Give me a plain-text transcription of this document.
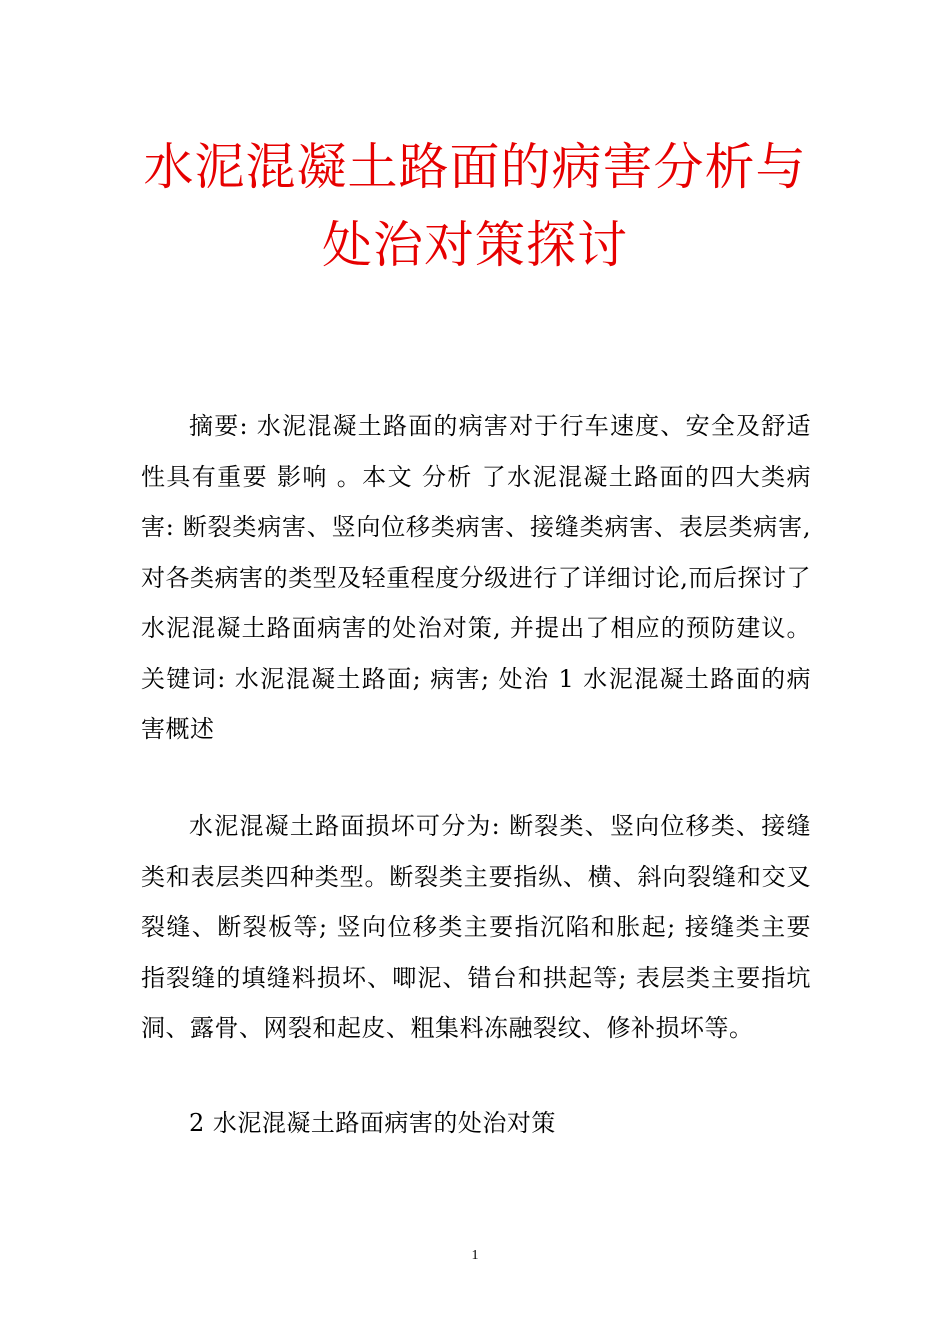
水泥混凝土路面的病害分析与处治对策探讨

摘要: 水泥混凝土路面的病害对于行车速度、安全及舒适性具有重要 影响 。本文 分析 了水泥混凝土路面的四大类病害: 断裂类病害、竖向位移类病害、接缝类病害、表层类病害,对各类病害的类型及轻重程度分级进行了详细讨论,而后探讨了水泥混凝土路面病害的处治对策, 并提出了相应的预防建议。 关键词: 水泥混凝土路面; 病害; 处治 1 水泥混凝土路面的病害概述

水泥混凝土路面损坏可分为: 断裂类、竖向位移类、接缝类和表层类四种类型。断裂类主要指纵、横、斜向裂缝和交叉裂缝、断裂板等; 竖向位移类主要指沉陷和胀起; 接缝类主要指裂缝的填缝料损坏、唧泥、错台和拱起等; 表层类主要指坑洞、露骨、网裂和起皮、粗集料冻融裂纹、修补损坏等。

2 水泥混凝土路面病害的处治对策

1
